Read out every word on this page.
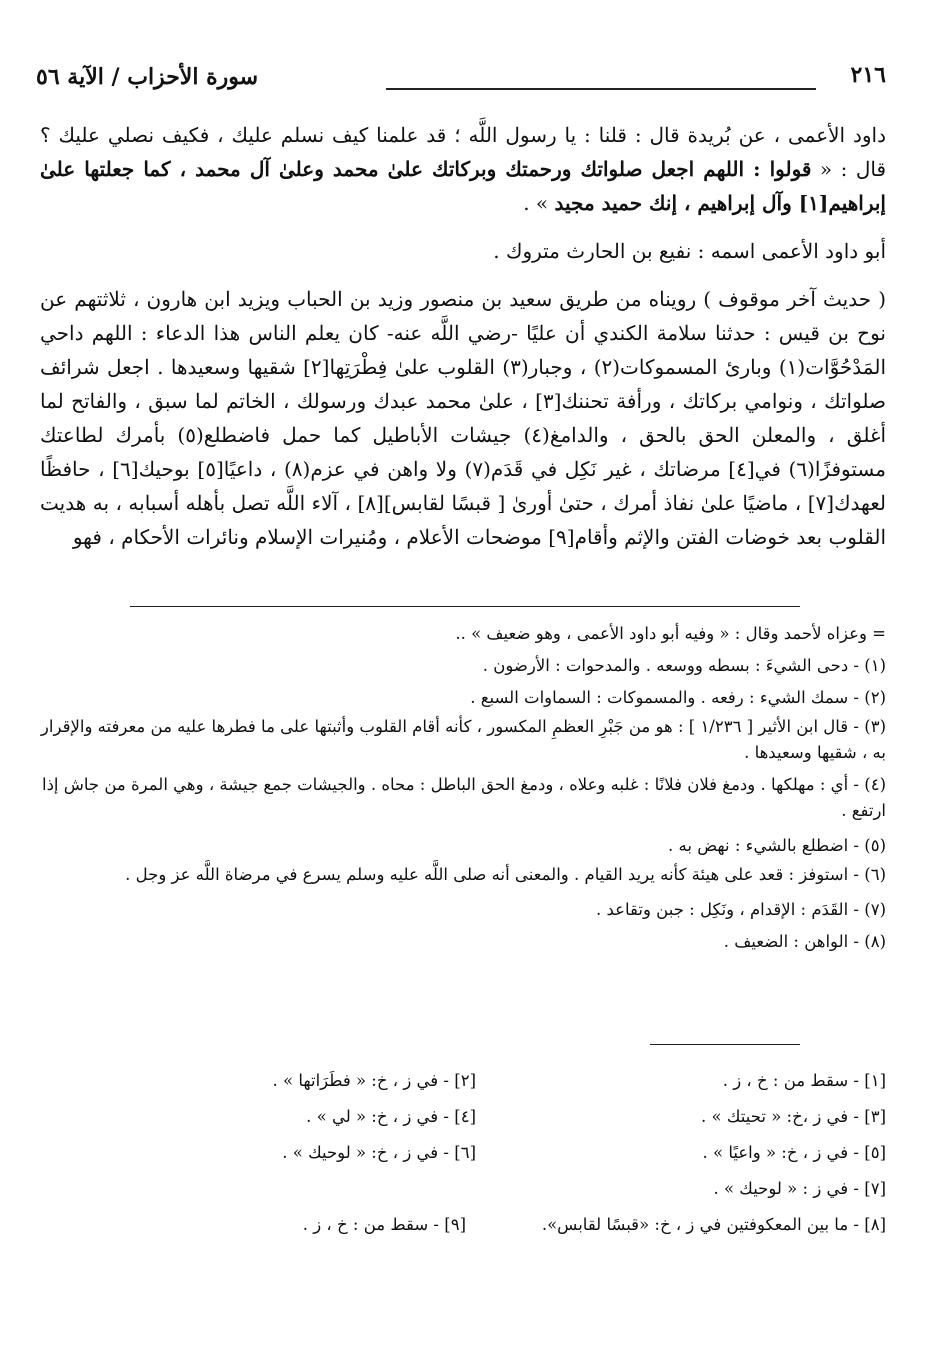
٢١٦
سورة الأحزاب / الآية ٥٦

داود الأعمى ، عن بُريدة قال : قلنا : يا رسول اللَّه ؛ قد علمنا كيف نسلم عليك ، فكيف نصلي عليك ؟ قال : « قولوا : اللهم اجعل صلواتك ورحمتك وبركاتك علىٰ محمد وعلىٰ آل محمد ، كما جعلتها علىٰ إبراهيم[١] وآل إبراهيم ، إنك حميد مجيد » .

أبو داود الأعمى اسمه : نفيع بن الحارث متروك .

( حديث آخر موقوف ) رويناه من طريق سعيد بن منصور وزيد بن الحباب ويزيد ابن هارون ، ثلاثتهم عن نوح بن قيس : حدثنا سلامة الكندي أن عليًا -رضي اللَّه عنه- كان يعلم الناس هذا الدعاء : اللهم داحي المَدْحُوَّات(١) وبارئ المسموكات(٢) ، وجبار(٣) القلوب علىٰ فِطْرَتِها[٢] شقيها وسعيدها . اجعل شرائف صلواتك ، ونوامي بركاتك ، ورأفة تحننك[٣] ، علىٰ محمد عبدك ورسولك ، الخاتم لما سبق ، والفاتح لما أغلق ، والمعلن الحق بالحق ، والدامغ(٤) جيشات الأباطيل كما حمل فاضطلع(٥) بأمرك لطاعتك مستوفزًا(٦) في[٤] مرضاتك ، غير نَكِل في قَدَم(٧) ولا واهن في عزم(٨) ، داعيًا[٥] بوحيك[٦] ، حافظًا لعهدك[٧] ، ماضيًا علىٰ نفاذ أمرك ، حتىٰ أورىٰ [ قبسًا لقابس][٨] ، آلاء اللَّه تصل بأهله أسبابه ، به هديت القلوب بعد خوضات الفتن والإثم وأقام[٩] موضحات الأعلام ، ومُنيرات الإسلام ونائرات الأحكام ، فهو

= وعزاه لأحمد وقال : « وفيه أبو داود الأعمى ، وهو ضعيف » ..

(١) - دحى الشيءَ : بسطه ووسعه . والمدحوات : الأرضون .

(٢) - سمك الشيء : رفعه . والمسموكات : السماوات السبع .

(٣) - قال ابن الأثير [ ١/٢٣٦ ] : هو من جَبْرِ العظمِ المكسور ، كأنه أقام القلوب وأثبتها على ما فطرها عليه من معرفته والإقرار به ، شقيها وسعيدها .

(٤) - أي : مهلكها . ودمغ فلان فلانًا : غلبه وعلاه ، ودمغ الحق الباطل : محاه . والجيشات جمع جيشة ، وهي المرة من جاش إذا ارتفع .

(٥) - اضطلع بالشيء : نهض به .

(٦) - استوفز : قعد على هيئة كأنه يريد القيام . والمعنى أنه صلى اللَّه عليه وسلم يسرع في مرضاة اللَّه عز وجل .

(٧) - القَدَم : الإقدام ، ونَكِل : جبن وتقاعد .

(٨) - الواهن : الضعيف .

[١] - سقط من : خ ، ز .
[٢] - في ز ، خ: « فطَرَاتها » .
[٣] - في ز ،خ: « تحيتك » .
[٤] - في ز ، خ: « لي » .
[٥] - في ز ، خ: « واعيًا » .
[٦] - في ز ، خ: « لوحيك » .
[٧] - في ز : « لوحيك » .
[٨] - ما بين المعكوفتين في ز ، خ: «قبسًا لقابس».
[٩] - سقط من : خ ، ز .
